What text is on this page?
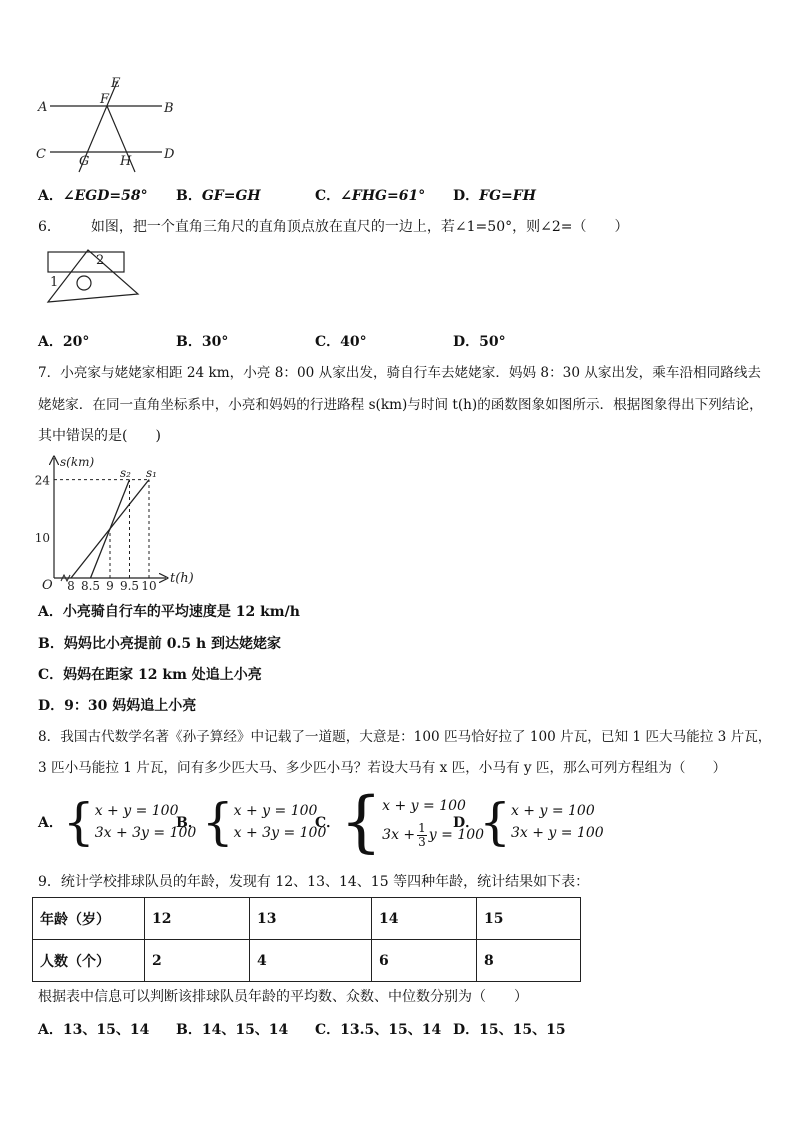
A	B
C	D
E
F
G H
A．∠EGD=58° B．GF=GH	C．∠FHG=61° D．FG=FH
6． 如图，把一个直角三角尺的直角顶点放在直尺的一边上，若∠1=50°，则∠2=（　　）
1
2
A．20°	B．30°	C．40°	D．50°
7．小亮家与姥姥家相距 24 km，小亮 8：00 从家出发，骑自行车去姥姥家．妈妈 8：30 从家出发，乘车沿相同路线去
姥姥家．在同一直角坐标系中，小亮和妈妈的行进路程 s(km)与时间 t(h)的函数图象如图所示．根据图象得出下列结论，
其中错误的是(　　)
8 8.5 9 9.5 10
10
24
O	t(h)
s(km)
s₂ s₁
A．小亮骑自行车的平均速度是 12 km/h
B．妈妈比小亮提前 0.5 h 到达姥姥家
C．妈妈在距家 12 km 处追上小亮
D．9：30 妈妈追上小亮
8．我国古代数学名著《孙子算经》中记载了一道题，大意是：100 匹马恰好拉了 100 片瓦，已知 1 匹大马能拉 3 片瓦，
3 匹小马能拉 1 片瓦，问有多少匹大马、多少匹小马？若设大马有 x 匹，小马有 y 匹，那么可列方程组为（　　）
A．{x + y = 100
3x + 3y = 100
B．{x + y = 100
x + 3y = 100
C．{x + y = 100

$3x + \frac{1}{3}$ y = 100
D．{x + y = 100
3x + y = 100
9．统计学校排球队员的年龄，发现有 12、13、14、15 等四种年龄，统计结果如下表：
年龄（岁）	12	13	14	15
人数（个）	2	4	6	8
根据表中信息可以判断该排球队员年龄的平均数、众数、中位数分别为（　　）
A．13、15、14 B．14、15、14 C．13.5、15、14 D．15、15、15
